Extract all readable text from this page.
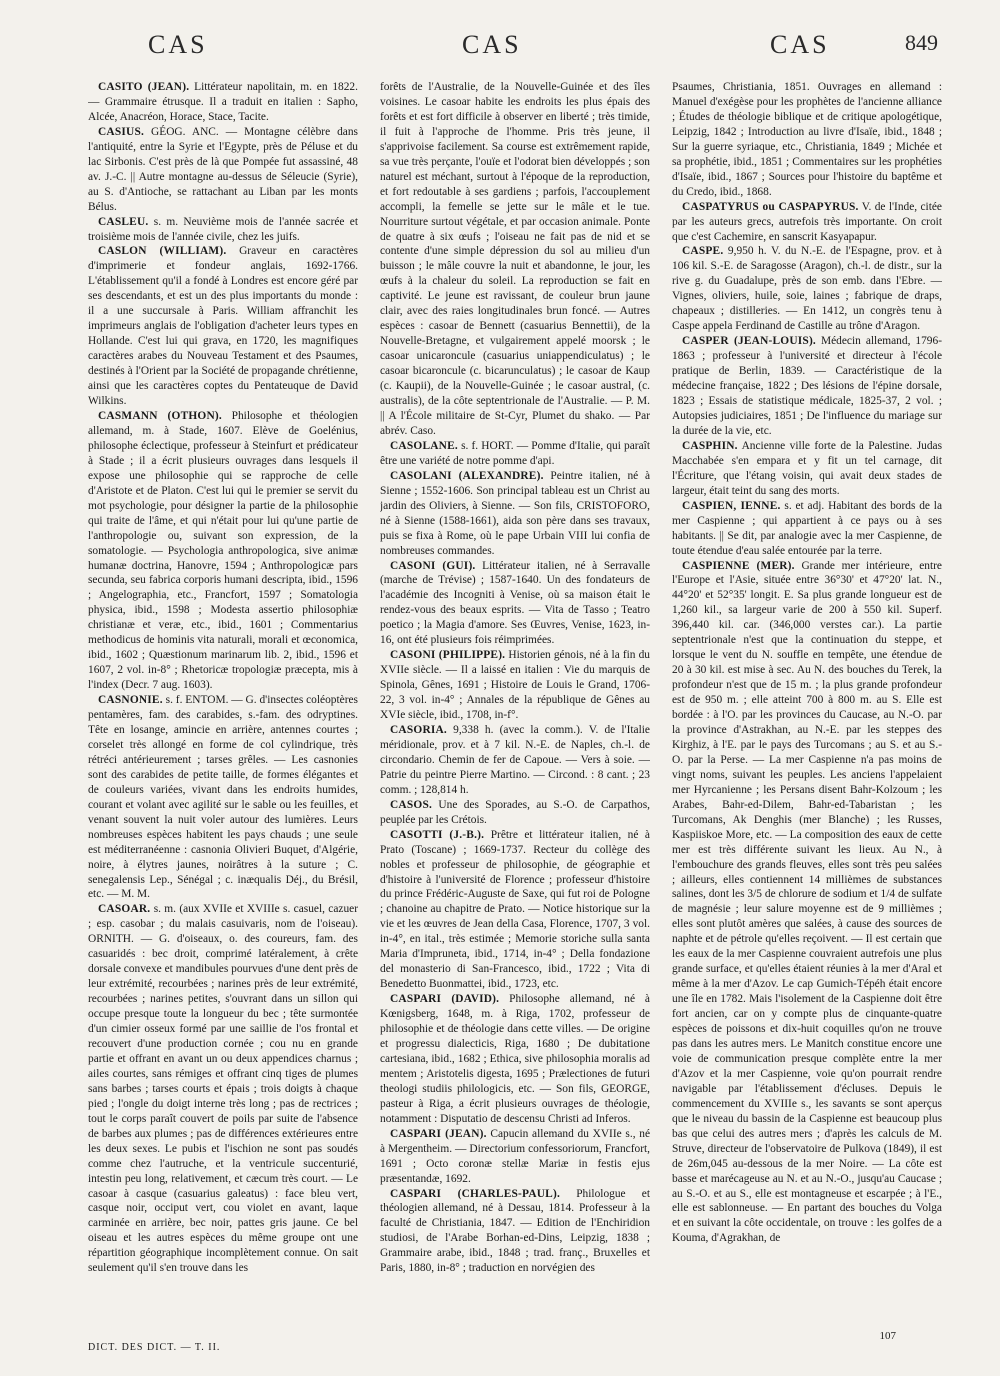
CAS	CAS	CAS	849

CASITO (JEAN). Littérateur napolitain, m. en 1822. — Grammaire étrusque. Il a traduit en italien : Sapho, Alcée, Anacréon, Horace, Stace, Tacite.

CASIUS. GÉOG. ANC. — Montagne célèbre dans l'antiquité, entre la Syrie et l'Egypte, près de Péluse et du lac Sirbonis. C'est près de là que Pompée fut assassiné, 48 av. J.-C. || Autre montagne au-dessus de Séleucie (Syrie), au S. d'Antioche, se rattachant au Liban par les monts Bélus.

CASLEU. s. m. Neuvième mois de l'année sacrée et troisième mois de l'année civile, chez les juifs.

CASLON (WILLIAM). Graveur en caractères d'imprimerie et fondeur anglais, 1692-1766. L'établissement qu'il a fondé à Londres est encore géré par ses descendants, et est un des plus importants du monde : il a une succursale à Paris. William affranchit les imprimeurs anglais de l'obligation d'acheter leurs types en Hollande. C'est lui qui grava, en 1720, les magnifiques caractères arabes du Nouveau Testament et des Psaumes, destinés à l'Orient par la Société de propagande chrétienne, ainsi que les caractères coptes du Pentateuque de David Wilkins.

CASMANN (OTHON). Philosophe et théologien allemand, m. à Stade, 1607. Elève de Goelénius, philosophe éclectique, professeur à Steinfurt et prédicateur à Stade ; il a écrit plusieurs ouvrages dans lesquels il expose une philosophie qui se rapproche de celle d'Aristote et de Platon. C'est lui qui le premier se servit du mot psychologie, pour désigner la partie de la philosophie qui traite de l'âme, et qui n'était pour lui qu'une partie de l'anthropologie ou, suivant son expression, de la somatologie. — Psychologia anthropologica, sive animæ humanæ doctrina, Hanovre, 1594 ; Anthropologicæ pars secunda, seu fabrica corporis humani descripta, ibid., 1596 ; Angelographia, etc., Francfort, 1597 ; Somatologia physica, ibid., 1598 ; Modesta assertio philosophiæ christianæ et veræ, etc., ibid., 1601 ; Commentarius methodicus de hominis vita naturali, morali et œconomica, ibid., 1602 ; Quæstionum marinarum lib. 2, ibid., 1596 et 1607, 2 vol. in-8° ; Rhetoricæ tropologiæ præcepta, mis à l'index (Decr. 7 aug. 1603).

CASNONIE. s. f. ENTOM. — G. d'insectes coléoptères pentamères, fam. des carabides, s.-fam. des odryptines. Tête en losange, amincie en arrière, antennes courtes ; corselet très allongé en forme de col cylindrique, très rétréci antérieurement ; tarses grêles. — Les casnonies sont des carabides de petite taille, de formes élégantes et de couleurs variées, vivant dans les endroits humides, courant et volant avec agilité sur le sable ou les feuilles, et venant souvent la nuit voler autour des lumières. Leurs nombreuses espèces habitent les pays chauds ; une seule est méditerranéenne : casnonia Olivieri Buquet, d'Algérie, noire, à élytres jaunes, noirâtres à la suture ; C. senegalensis Lep., Sénégal ; c. inæqualis Déj., du Brésil, etc. — M. M.

CASOAR. s. m. (aux XVIIe et XVIIIe s. casuel, cazuer ; esp. casobar ; du malais casuivaris, nom de l'oiseau). ORNITH. — G. d'oiseaux, o. des coureurs, fam. des casuaridés : bec droit, comprimé latéralement, à crête dorsale convexe et mandibules pourvues d'une dent près de leur extrémité, recourbées ; narines près de leur extrémité, recourbées ; narines petites, s'ouvrant dans un sillon qui occupe presque toute la longueur du bec ; tête surmontée d'un cimier osseux formé par une saillie de l'os frontal et recouvert d'une production cornée ; cou nu en grande partie et offrant en avant un ou deux appendices charnus ; ailes courtes, sans rémiges et offrant cinq tiges de plumes sans barbes ; tarses courts et épais ; trois doigts à chaque pied ; l'ongle du doigt interne très long ; pas de rectrices ; tout le corps paraît couvert de poils par suite de l'absence de barbes aux plumes ; pas de différences extérieures entre les deux sexes. Le pubis et l'ischion ne sont pas soudés comme chez l'autruche, et la ventricule succenturié, intestin peu long, relativement, et cæcum très court. — Le casoar à casque (casuarius galeatus) : face bleu vert, casque noir, occiput vert, cou violet en avant, laque carminée en arrière, bec noir, pattes gris jaune. Ce bel oiseau et les autres espèces du même groupe ont une répartition géographique incomplètement connue. On sait seulement qu'il s'en trouve dans les

forêts de l'Australie, de la Nouvelle-Guinée et des îles voisines. Le casoar habite les endroits les plus épais des forêts et est fort difficile à observer en liberté ; très timide, il fuit à l'approche de l'homme. Pris très jeune, il s'apprivoise facilement. Sa course est extrêmement rapide, sa vue très perçante, l'ouïe et l'odorat bien développés ; son naturel est méchant, surtout à l'époque de la reproduction, et fort redoutable à ses gardiens ; parfois, l'accouplement accompli, la femelle se jette sur le mâle et le tue. Nourriture surtout végétale, et par occasion animale. Ponte de quatre à six œufs ; l'oiseau ne fait pas de nid et se contente d'une simple dépression du sol au milieu d'un buisson ; le mâle couvre la nuit et abandonne, le jour, les œufs à la chaleur du soleil. La reproduction se fait en captivité. Le jeune est ravissant, de couleur brun jaune clair, avec des raies longitudinales brun foncé. — Autres espèces : casoar de Bennett (casuarius Bennettii), de la Nouvelle-Bretagne, et vulgairement appelé moorsk ; le casoar unicaroncule (casuarius uniappendiculatus) ; le casoar bicaroncule (c. bicarunculatus) ; le casoar de Kaup (c. Kaupii), de la Nouvelle-Guinée ; le casoar austral, (c. australis), de la côte septentrionale de l'Australie. — P. M. || A l'École militaire de St-Cyr, Plumet du shako. — Par abrév. Caso.

CASOLANE. s. f. HORT. — Pomme d'Italie, qui paraît être une variété de notre pomme d'api.

CASOLANI (ALEXANDRE). Peintre italien, né à Sienne ; 1552-1606. Son principal tableau est un Christ au jardin des Oliviers, à Sienne. — Son fils, CRISTOFORO, né à Sienne (1588-1661), aida son père dans ses travaux, puis se fixa à Rome, où le pape Urbain VIII lui confia de nombreuses commandes.

CASONI (GUI). Littérateur italien, né à Serravalle (marche de Trévise) ; 1587-1640. Un des fondateurs de l'académie des Incogniti à Venise, où sa maison était le rendez-vous des beaux esprits. — Vita de Tasso ; Teatro poetico ; la Magia d'amore. Ses Œuvres, Venise, 1623, in-16, ont été plusieurs fois réimprimées.

CASONI (PHILIPPE). Historien génois, né à la fin du XVIIe siècle. — Il a laissé en italien : Vie du marquis de Spinola, Gênes, 1691 ; Histoire de Louis le Grand, 1706-22, 3 vol. in-4° ; Annales de la république de Gênes au XVIe siècle, ibid., 1708, in-f°.

CASORIA. 9,338 h. (avec la comm.). V. de l'Italie méridionale, prov. et à 7 kil. N.-E. de Naples, ch.-l. de circondario. Chemin de fer de Capoue. — Vers à soie. — Patrie du peintre Pierre Martino. — Circond. : 8 cant. ; 23 comm. ; 128,814 h.

CASOS. Une des Sporades, au S.-O. de Carpathos, peuplée par les Crétois.

CASOTTI (J.-B.). Prêtre et littérateur italien, né à Prato (Toscane) ; 1669-1737. Recteur du collège des nobles et professeur de philosophie, de géographie et d'histoire à l'université de Florence ; professeur d'histoire du prince Frédéric-Auguste de Saxe, qui fut roi de Pologne ; chanoine au chapitre de Prato. — Notice historique sur la vie et les œuvres de Jean della Casa, Florence, 1707, 3 vol. in-4°, en ital., très estimée ; Memorie storiche sulla santa Maria d'Impruneta, ibid., 1714, in-4° ; Della fondazione del monasterio di San-Francesco, ibid., 1722 ; Vita di Benedetto Buonmattei, ibid., 1723, etc.

CASPARI (DAVID). Philosophe allemand, né à Kœnigsberg, 1648, m. à Riga, 1702, professeur de philosophie et de théologie dans cette villes. — De origine et progressu dialecticis, Riga, 1680 ; De dubitatione cartesiana, ibid., 1682 ; Ethica, sive philosophia moralis ad mentem ; Aristotelis digesta, 1695 ; Prælectiones de futuri theologi studiis philologicis, etc. — Son fils, GEORGE, pasteur à Riga, a écrit plusieurs ouvrages de théologie, notamment : Disputatio de descensu Christi ad Inferos.

CASPARI (JEAN). Capucin allemand du XVIIe s., né à Mergentheim. — Directorium confessoriorum, Francfort, 1691 ; Octo coronæ stellæ Mariæ in festis ejus præsentandæ, 1692.

CASPARI (CHARLES-PAUL). Philologue et théologien allemand, né à Dessau, 1814. Professeur à la faculté de Christiania, 1847. — Edition de l'Enchiridion studiosi, de l'Arabe Borhan-ed-Dins, Leipzig, 1838 ; Grammaire arabe, ibid., 1848 ; trad. franç., Bruxelles et Paris, 1880, in-8° ; traduction en norvégien des

Psaumes, Christiania, 1851. Ouvrages en allemand : Manuel d'exégèse pour les prophètes de l'ancienne alliance ; Études de théologie biblique et de critique apologétique, Leipzig, 1842 ; Introduction au livre d'Isaïe, ibid., 1848 ; Sur la guerre syriaque, etc., Christiania, 1849 ; Michée et sa prophétie, ibid., 1851 ; Commentaires sur les prophéties d'Isaïe, ibid., 1867 ; Sources pour l'histoire du baptême et du Credo, ibid., 1868.

CASPATYRUS ou CASPAPYRUS. V. de l'Inde, citée par les auteurs grecs, autrefois très importante. On croit que c'est Cachemire, en sanscrit Kasyapapur.

CASPE. 9,950 h. V. du N.-E. de l'Espagne, prov. et à 106 kil. S.-E. de Saragosse (Aragon), ch.-l. de distr., sur la rive g. du Guadalupe, près de son emb. dans l'Ebre. — Vignes, oliviers, huile, soie, laines ; fabrique de draps, chapeaux ; distilleries. — En 1412, un congrès tenu à Caspe appela Ferdinand de Castille au trône d'Aragon.

CASPER (JEAN-LOUIS). Médecin allemand, 1796-1863 ; professeur à l'université et directeur à l'école pratique de Berlin, 1839. — Caractéristique de la médecine française, 1822 ; Des lésions de l'épine dorsale, 1823 ; Essais de statistique médicale, 1825-37, 2 vol. ; Autopsies judiciaires, 1851 ; De l'influence du mariage sur la durée de la vie, etc.

CASPHIN. Ancienne ville forte de la Palestine. Judas Macchabée s'en empara et y fit un tel carnage, dit l'Écriture, que l'étang voisin, qui avait deux stades de largeur, était teint du sang des morts.

CASPIEN, IENNE. s. et adj. Habitant des bords de la mer Caspienne ; qui appartient à ce pays ou à ses habitants. || Se dit, par analogie avec la mer Caspienne, de toute étendue d'eau salée entourée par la terre.

CASPIENNE (MER). Grande mer intérieure, entre l'Europe et l'Asie, située entre 36°30' et 47°20' lat. N., 44°20' et 52°35' longit. E. Sa plus grande longueur est de 1,260 kil., sa largeur varie de 200 à 550 kil. Superf. 396,440 kil. car. (346,000 verstes car.). La partie septentrionale n'est que la continuation du steppe, et lorsque le vent du N. souffle en tempête, une étendue de 20 à 30 kil. est mise à sec. Au N. des bouches du Terek, la profondeur n'est que de 15 m. ; la plus grande profondeur est de 950 m. ; elle atteint 700 à 800 m. au S. Elle est bordée : à l'O. par les provinces du Caucase, au N.-O. par la province d'Astrakhan, au N.-E. par les steppes des Kirghiz, à l'E. par le pays des Turcomans ; au S. et au S.-O. par la Perse. — La mer Caspienne n'a pas moins de vingt noms, suivant les peuples. Les anciens l'appelaient mer Hyrcanienne ; les Persans disent Bahr-Kolzoum ; les Arabes, Bahr-ed-Dilem, Bahr-ed-Tabaristan ; les Turcomans, Ak Denghis (mer Blanche) ; les Russes, Kaspiiskoe More, etc. — La composition des eaux de cette mer est très différente suivant les lieux. Au N., à l'embouchure des grands fleuves, elles sont très peu salées ; ailleurs, elles contiennent 14 millièmes de substances salines, dont les 3/5 de chlorure de sodium et 1/4 de sulfate de magnésie ; leur salure moyenne est de 9 millièmes ; elles sont plutôt amères que salées, à cause des sources de naphte et de pétrole qu'elles reçoivent. — Il est certain que les eaux de la mer Caspienne couvraient autrefois une plus grande surface, et qu'elles étaient réunies à la mer d'Aral et même à la mer d'Azov. Le cap Gumich-Tépéh était encore une île en 1782. Mais l'isolement de la Caspienne doit être fort ancien, car on y compte plus de cinquante-quatre espèces de poissons et dix-huit coquilles qu'on ne trouve pas dans les autres mers. Le Manitch constitue encore une voie de communication presque complète entre la mer d'Azov et la mer Caspienne, voie qu'on pourrait rendre navigable par l'établissement d'écluses. Depuis le commencement du XVIIIe s., les savants se sont aperçus que le niveau du bassin de la Caspienne est beaucoup plus bas que celui des autres mers ; d'après les calculs de M. Struve, directeur de l'observatoire de Pulkova (1849), il est de 26m,045 au-dessous de la mer Noire. — La côte est basse et marécageuse au N. et au N.-O., jusqu'au Caucase ; au S.-O. et au S., elle est montagneuse et escarpée ; à l'E., elle est sablonneuse. — En partant des bouches du Volga et en suivant la côte occidentale, on trouve : les golfes de a Kouma, d'Agrakhan, de

DICT. DES DICT. — T. II.
107
